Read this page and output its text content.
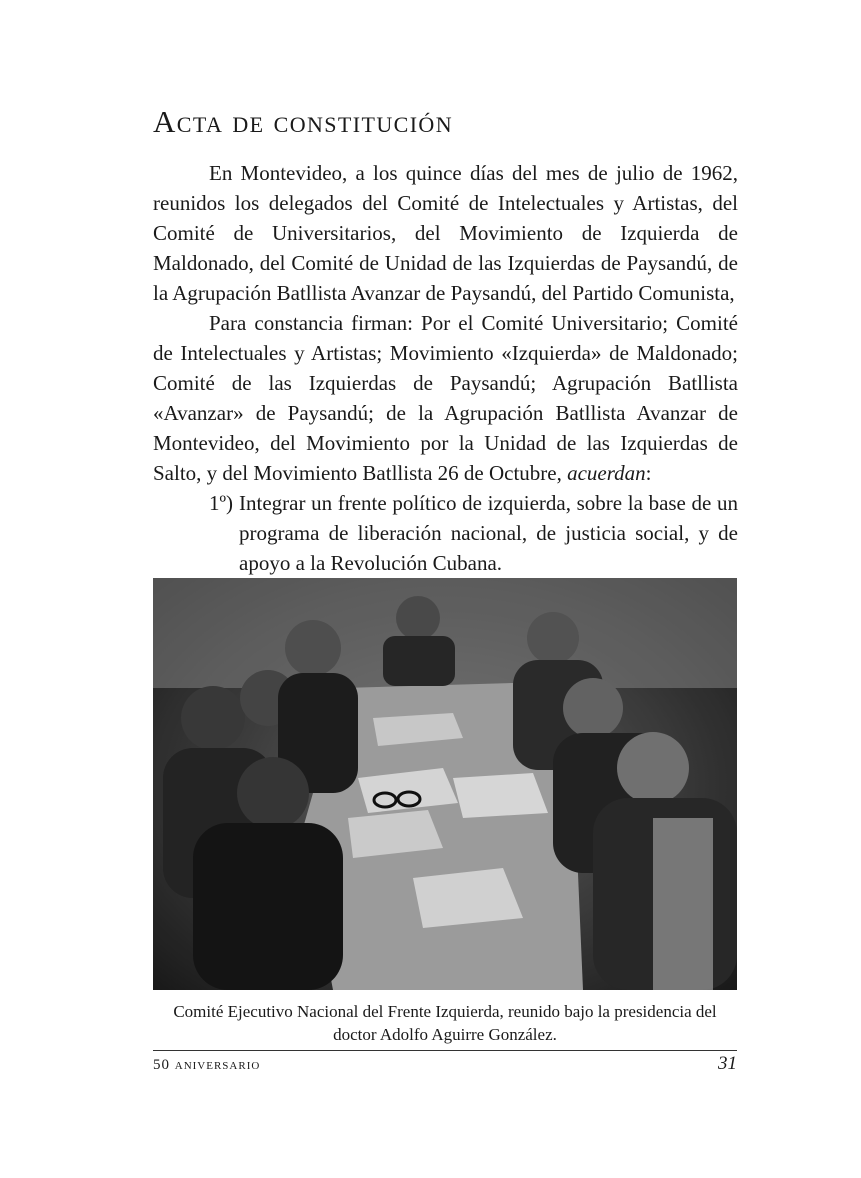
Acta de constitución

En Montevideo, a los quince días del mes de julio de 1962, reunidos los delegados del Comité de Intelectuales y Artistas, del Comité de Universitarios, del Movimiento de Izquierda de Maldonado, del Comité de Unidad de las Izquierdas de Paysandú, de la Agrupación Batllista Avanzar de Paysandú, del Partido Comunista,

Para constancia firman: Por el Comité Universitario; Comité de Intelectuales y Artistas; Movimiento «Izquierda» de Maldonado; Comité de las Izquierdas de Paysandú; Agrupación Batllista «Avanzar» de Paysandú; de la Agrupación Batllista Avanzar de Montevideo, del Movimiento por la Unidad de las Izquierdas de Salto, y del Movimiento Batllista 26 de Octubre, acuerdan:

1º) Integrar un frente político de izquierda, sobre la base de un programa de liberación nacional, de justicia social, y de apoyo a la Revolución Cubana.
Comité Ejecutivo Nacional del Frente Izquierda, reunido bajo la presidencia del doctor Adolfo Aguirre González.
50 aniversario	31
